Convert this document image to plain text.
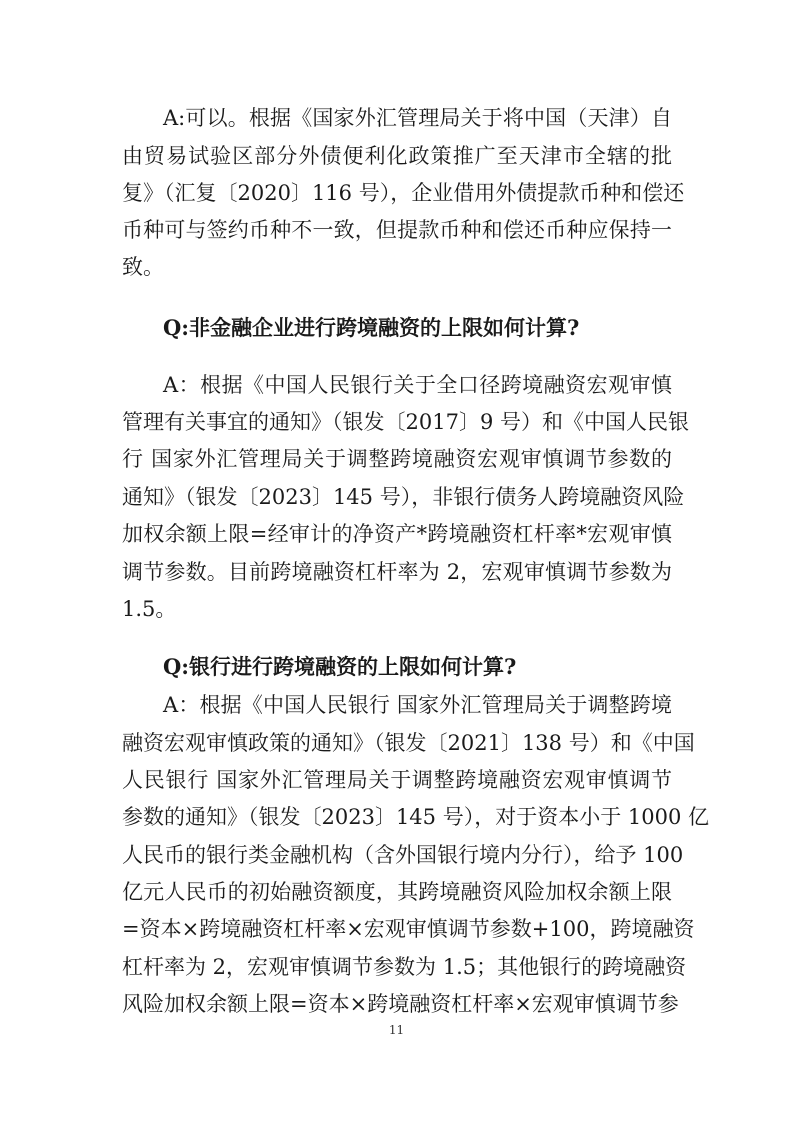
A:可以。根据《国家外汇管理局关于将中国（天津）自
由贸易试验区部分外债便利化政策推广至天津市全辖的批
复》（汇复〔2020〕116 号），企业借用外债提款币种和偿还
币种可与签约币种不一致，但提款币种和偿还币种应保持一
致。
Q:非金融企业进行跨境融资的上限如何计算?
A：根据《中国人民银行关于全口径跨境融资宏观审慎
管理有关事宜的通知》（银发〔2017〕9 号）和《中国人民银
行 国家外汇管理局关于调整跨境融资宏观审慎调节参数的
通知》（银发〔2023〕145 号），非银行债务人跨境融资风险
加权余额上限=经审计的净资产*跨境融资杠杆率*宏观审慎
调节参数。目前跨境融资杠杆率为 2，宏观审慎调节参数为
1.5。
Q:银行进行跨境融资的上限如何计算?
A：根据《中国人民银行 国家外汇管理局关于调整跨境
融资宏观审慎政策的通知》（银发〔2021〕138 号）和《中国
人民银行 国家外汇管理局关于调整跨境融资宏观审慎调节
参数的通知》（银发〔2023〕145 号），对于资本小于 1000 亿
人民币的银行类金融机构（含外国银行境内分行），给予 100
亿元人民币的初始融资额度，其跨境融资风险加权余额上限
=资本×跨境融资杠杆率×宏观审慎调节参数+100，跨境融资
杠杆率为 2，宏观审慎调节参数为 1.5；其他银行的跨境融资
风险加权余额上限=资本×跨境融资杠杆率×宏观审慎调节参
11
